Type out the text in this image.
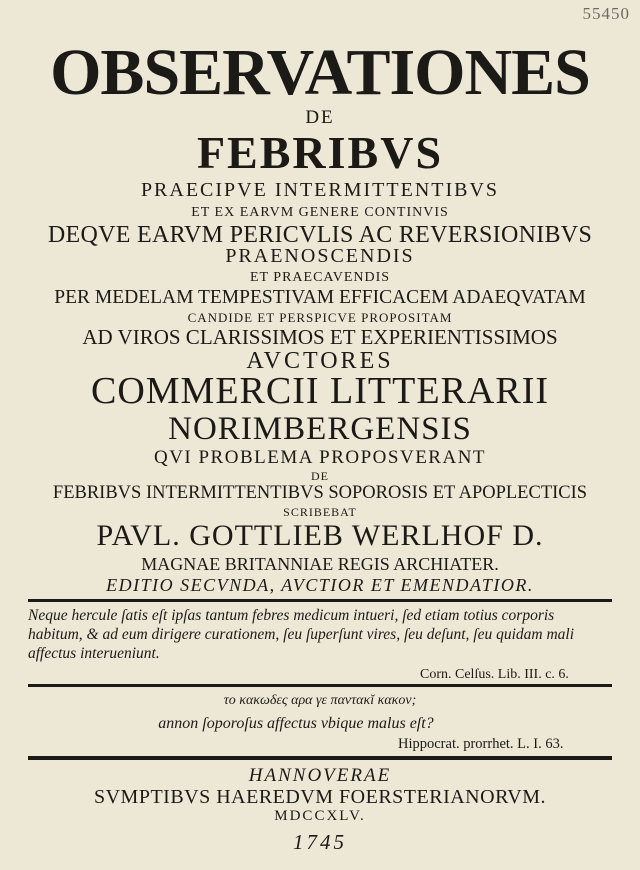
55450
OBSERVATIONES
DE
FEBRIBVS
PRAECIPVE INTERMITTENTIBVS
ET EX EARVM GENERE CONTINVIS
DEQVE EARVM PERICVLIS AC REVERSIONIBVS
PRAENOSCENDIS
ET PRAECAVENDIS
PER MEDELAM TEMPESTIVAM EFFICACEM ADAEQVATAM
CANDIDE ET PERSPICVE PROPOSITAM
AD VIROS CLARISSIMOS ET EXPERIENTISSIMOS
AVCTORES
COMMERCII LITTERARII
NORIMBERGENSIS
QVI PROBLEMA PROPOSVERANT
DE
FEBRIBVS INTERMITTENTIBVS SOPOROSIS ET APOPLECTICIS
SCRIBEBAT
PAVL. GOTTLIEB WERLHOF D.
MAGNAE BRITANNIAE REGIS ARCHIATER.
EDITIO SECVNDA, AVCTIOR ET EMENDATIOR.
Neque hercule ſatis eſt ipſas tantum febres medicum intueri, ſed etiam totius corporis habitum, & ad eum dirigere curationem, ſeu ſuperſunt vires, ſeu deſunt, ſeu quidam mali affectus interueniunt.
Corn. Celſus. Lib. III. c. 6.
το κακωδες αρα γε παντακǐ κακον;
annon ſoporoſus affectus vbique malus eſt?
Hippocrat. prorrhet. L. I. 63.
HANNOVERAE
SVMPTIBVS HAEREDVM FOERSTERIANORVM.
MDCCXLV.
1745
